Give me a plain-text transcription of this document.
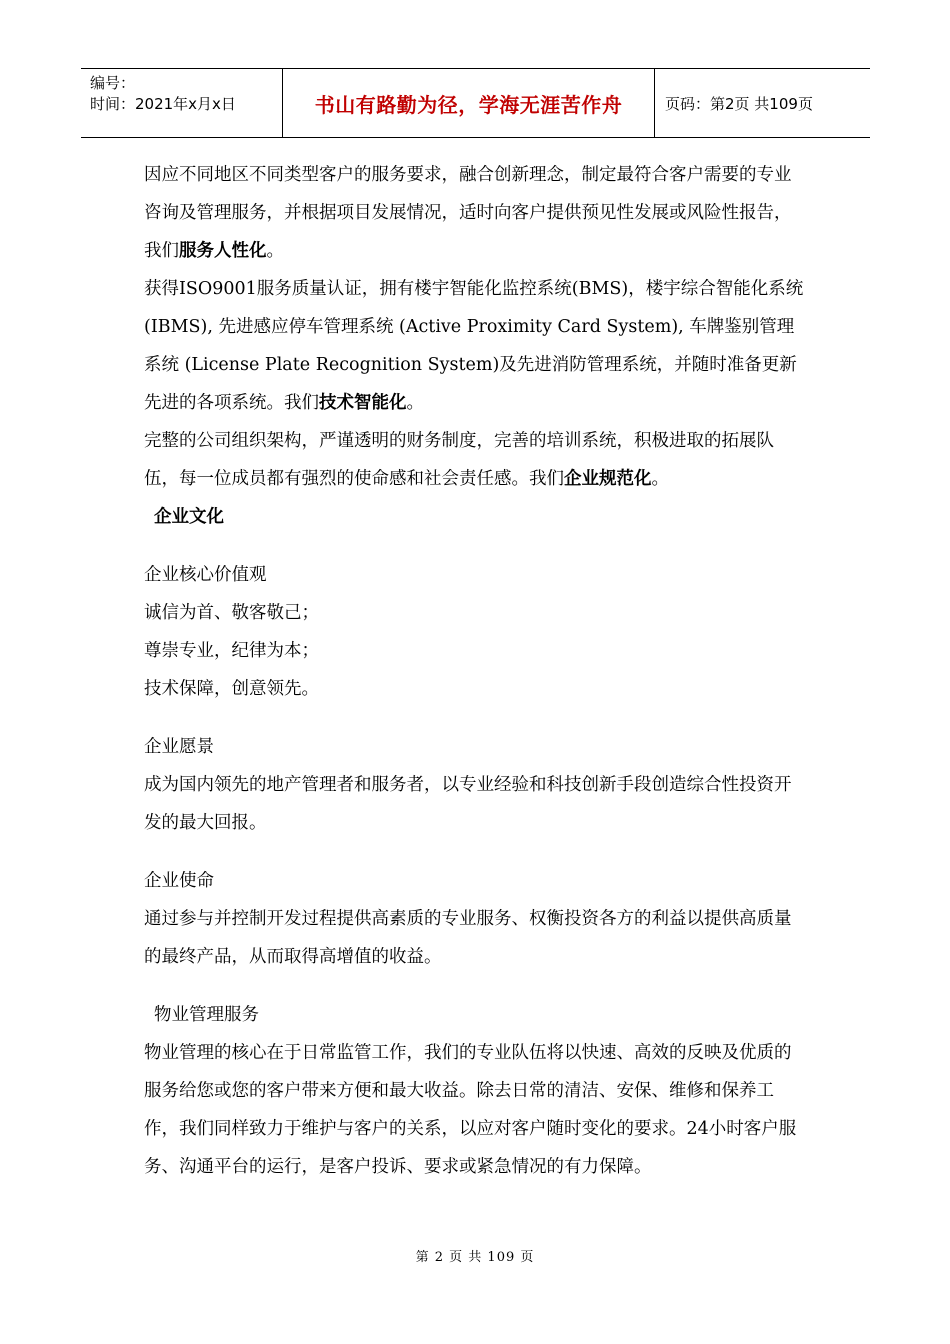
编号：
时间：2021年x月x日	书山有路勤为径，学海无涯苦作舟	页码：第2页 共109页

因应不同地区不同类型客户的服务要求，融合创新理念，制定最符合客户需要的专业咨询及管理服务，并根据项目发展情况，适时向客户提供预见性发展或风险性报告，我们服务人性化。

获得ISO9001服务质量认证，拥有楼宇智能化监控系统(BMS)，楼宇综合智能化系统 (IBMS), 先进感应停车管理系统 (Active Proximity Card System), 车牌鉴别管理系统 (License Plate Recognition System)及先进消防管理系统，并随时准备更新先进的各项系统。我们技术智能化。

完整的公司组织架构，严谨透明的财务制度，完善的培训系统，积极进取的拓展队伍，每一位成员都有强烈的使命感和社会责任感。我们企业规范化。

企业文化

企业核心价值观

诚信为首、敬客敬己；

尊崇专业，纪律为本；

技术保障，创意领先。

企业愿景

成为国内领先的地产管理者和服务者，以专业经验和科技创新手段创造综合性投资开发的最大回报。

企业使命

通过参与并控制开发过程提供高素质的专业服务、权衡投资各方的利益以提供高质量的最终产品，从而取得高增值的收益。

物业管理服务

物业管理的核心在于日常监管工作，我们的专业队伍将以快速、高效的反映及优质的服务给您或您的客户带来方便和最大收益。除去日常的清洁、安保、维修和保养工作，我们同样致力于维护与客户的关系，以应对客户随时变化的要求。24小时客户服务、沟通平台的运行，是客户投诉、要求或紧急情况的有力保障。

第 2 页 共 109 页
